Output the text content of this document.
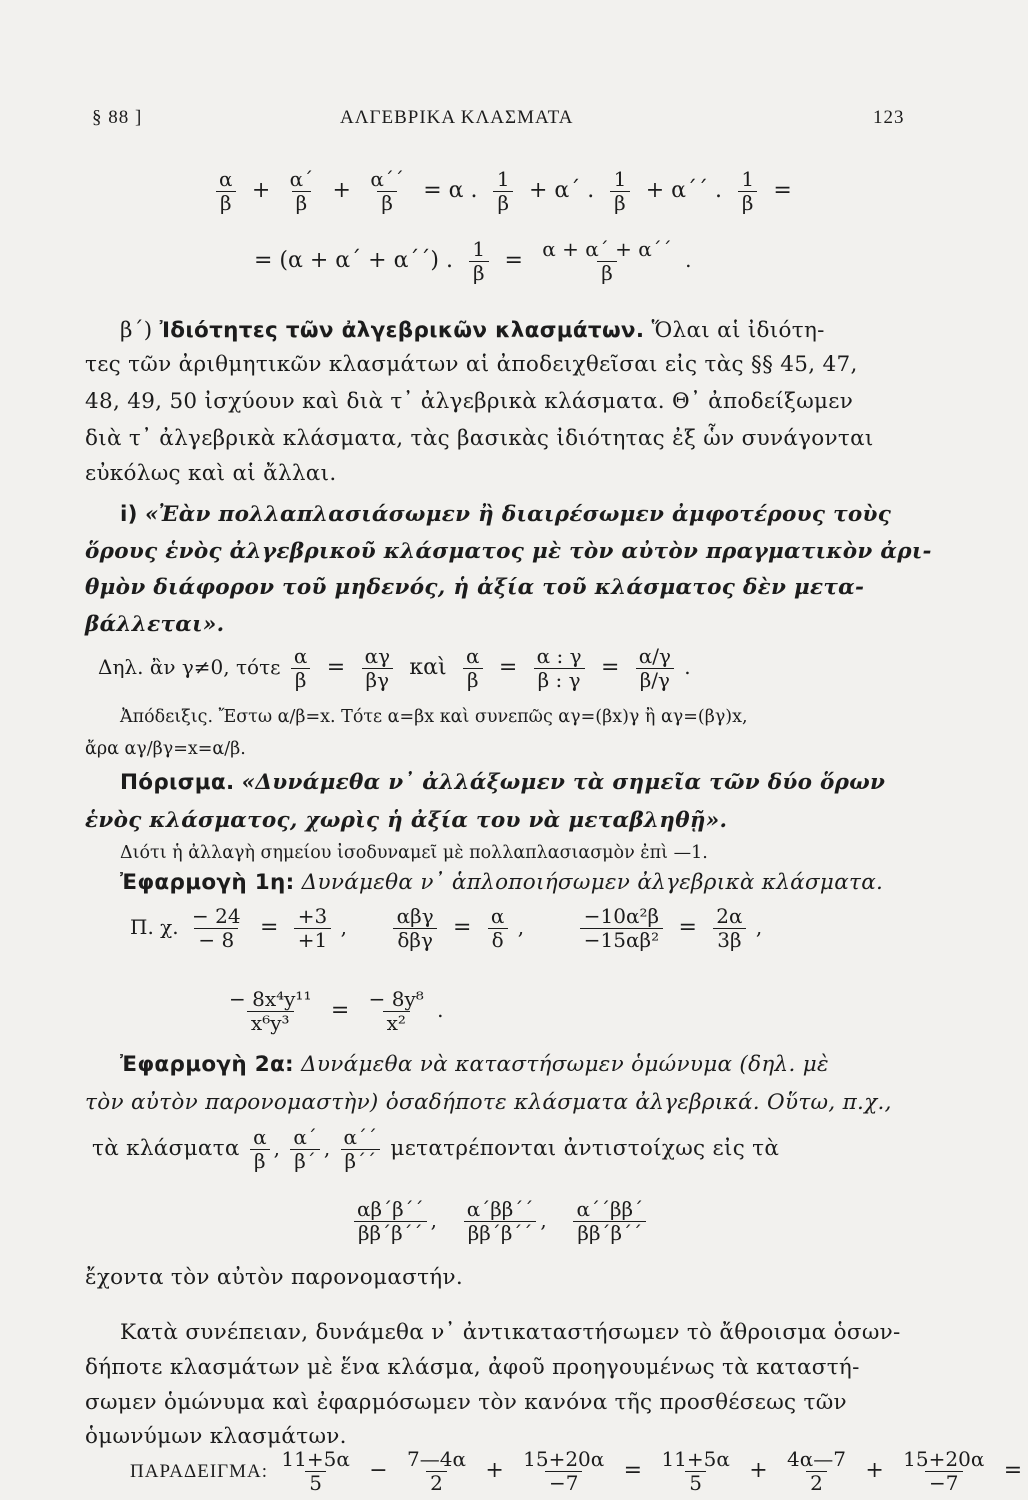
§ 88 ]	ΑΛΓΕΒΡΙΚΑ ΚΛΑΣΜΑΤΑ	123
$\frac{\alpha}{\beta} + \frac{\alpha΄}{\beta} + \frac{\alpha΄΄}{\beta} = \alpha$ . $\frac{1}{\beta} + \alpha΄$ . $\frac{1}{\beta} + \alpha΄΄$ . $\frac{1}{\beta}$ =
= (α + α΄ + α΄΄) . $\frac{1}{\beta} = \frac{\alpha + \alpha΄ + \alpha΄΄}{\beta}$ .
β΄) Ἰδιότητες τῶν ἀλγεβρικῶν κλασμάτων. Ὅλαι αἱ ἰδιότη-
τες τῶν ἀριθμητικῶν κλασμάτων αἱ ἀποδειχθεῖσαι εἰς τὰς §§ 45, 47,
48, 49, 50 ἰσχύουν καὶ διὰ τ᾿ ἀλγεβρικὰ κλάσματα. Θ᾿ ἀποδείξωμεν
διὰ τ᾿ ἀλγεβρικὰ κλάσματα, τὰς βασικὰς ἰδιότητας ἐξ ὧν συνάγονται
εὐκόλως καὶ αἱ ἄλλαι.
i) «Ἐὰν πολλαπλασιάσωμεν ἢ διαιρέσωμεν ἀμφοτέρους τοὺς
ὅρους ἑνὸς ἀλγεβρικοῦ κλάσματος μὲ τὸν αὐτὸν πραγματικὸν ἀρι-
θμὸν διάφορον τοῦ μηδενός, ἡ ἀξία τοῦ κλάσματος δὲν μετα-
βάλλεται».
Δηλ. ἂν γ≠0, τότε $\frac{\alpha}{\beta} = \frac{\alpha\gamma}{\beta\gamma}$ καὶ $\frac{\alpha}{\beta} = \frac{\alpha : \gamma}{\beta : \gamma} = \frac{\alpha/\gamma}{\beta/\gamma}$ .
Ἀπόδειξις. Ἔστω α/β=x. Τότε α=βx καὶ συνεπῶς αγ=(βx)γ ἢ αγ=(βγ)x,
ἄρα αγ/βγ=x=α/β.
Πόρισμα. «Δυνάμεθα ν᾿ ἀλλάξωμεν τὰ σημεῖα τῶν δύο ὅρων
ἑνὸς κλάσματος, χωρὶς ἡ ἀξία του νὰ μεταβληθῇ».
Διότι ἡ ἀλλαγὴ σημείου ἰσοδυναμεῖ μὲ πολλαπλασιασμὸν ἐπὶ —1.
Ἐφαρμογὴ 1η: Δυνάμεθα ν᾿ ἁπλοποιήσωμεν ἀλγεβρικὰ κλάσματα.
Π. χ. $\frac{- 24}{- 8} = \frac{+3}{+1}$ , $\frac{\text{αβγ}}{\text{δβγ}} = \frac{\alpha}{\delta}$ ,	$\frac{\text{−10α²β}}{\text{−15αβ²}} = \frac{2\alpha}{3\beta}$ ,
$\frac{\text{− 8x⁴y¹¹}}{\text{x⁶y³}} = \frac{\text{− 8y⁸}}{\text{x²}}$ .
Ἐφαρμογὴ 2α: Δυνάμεθα νὰ καταστήσωμεν ὁμώνυμα (δηλ. μὲ
τὸν αὐτὸν παρονομαστὴν) ὁσαδήποτε κλάσματα ἀλγεβρικά. Οὕτω, π.χ.,
τὰ κλάσματα $\frac{\alpha}{\beta}$ , $\frac{\alpha΄}{\beta΄}$ , $\frac{\alpha΄΄}{\beta΄΄}$ μετατρέπονται ἀντιστοίχως εἰς τὰ
$\frac{\alpha\beta΄\beta΄΄}{\beta\beta΄\beta΄΄}$ , $\frac{\alpha΄\beta\beta΄΄}{\beta\beta΄\beta΄΄}$ , $\frac{\alpha΄΄\beta\beta΄}{\beta\beta΄\beta΄΄}$
ἔχοντα τὸν αὐτὸν παρονομαστήν.
Κατὰ συνέπειαν, δυνάμεθα ν᾿ ἀντικαταστήσωμεν τὸ ἄθροισμα ὁσων-
δήποτε κλασμάτων μὲ ἕνα κλάσμα, ἀφοῦ προηγουμένως τὰ καταστή-
σωμεν ὁμώνυμα καὶ ἐφαρμόσωμεν τὸν κανόνα τῆς προσθέσεως τῶν
ὁμωνύμων κλασμάτων.
ΠΑΡΑΔΕΙΓΜΑ: $\frac{11+5\alpha}{5} - \frac{7—4\alpha}{2} + \frac{15+20\alpha}{-7} = \frac{11+5\alpha}{5} + \frac{4\alpha—7}{2} + \frac{15+20\alpha}{-7}$ =
